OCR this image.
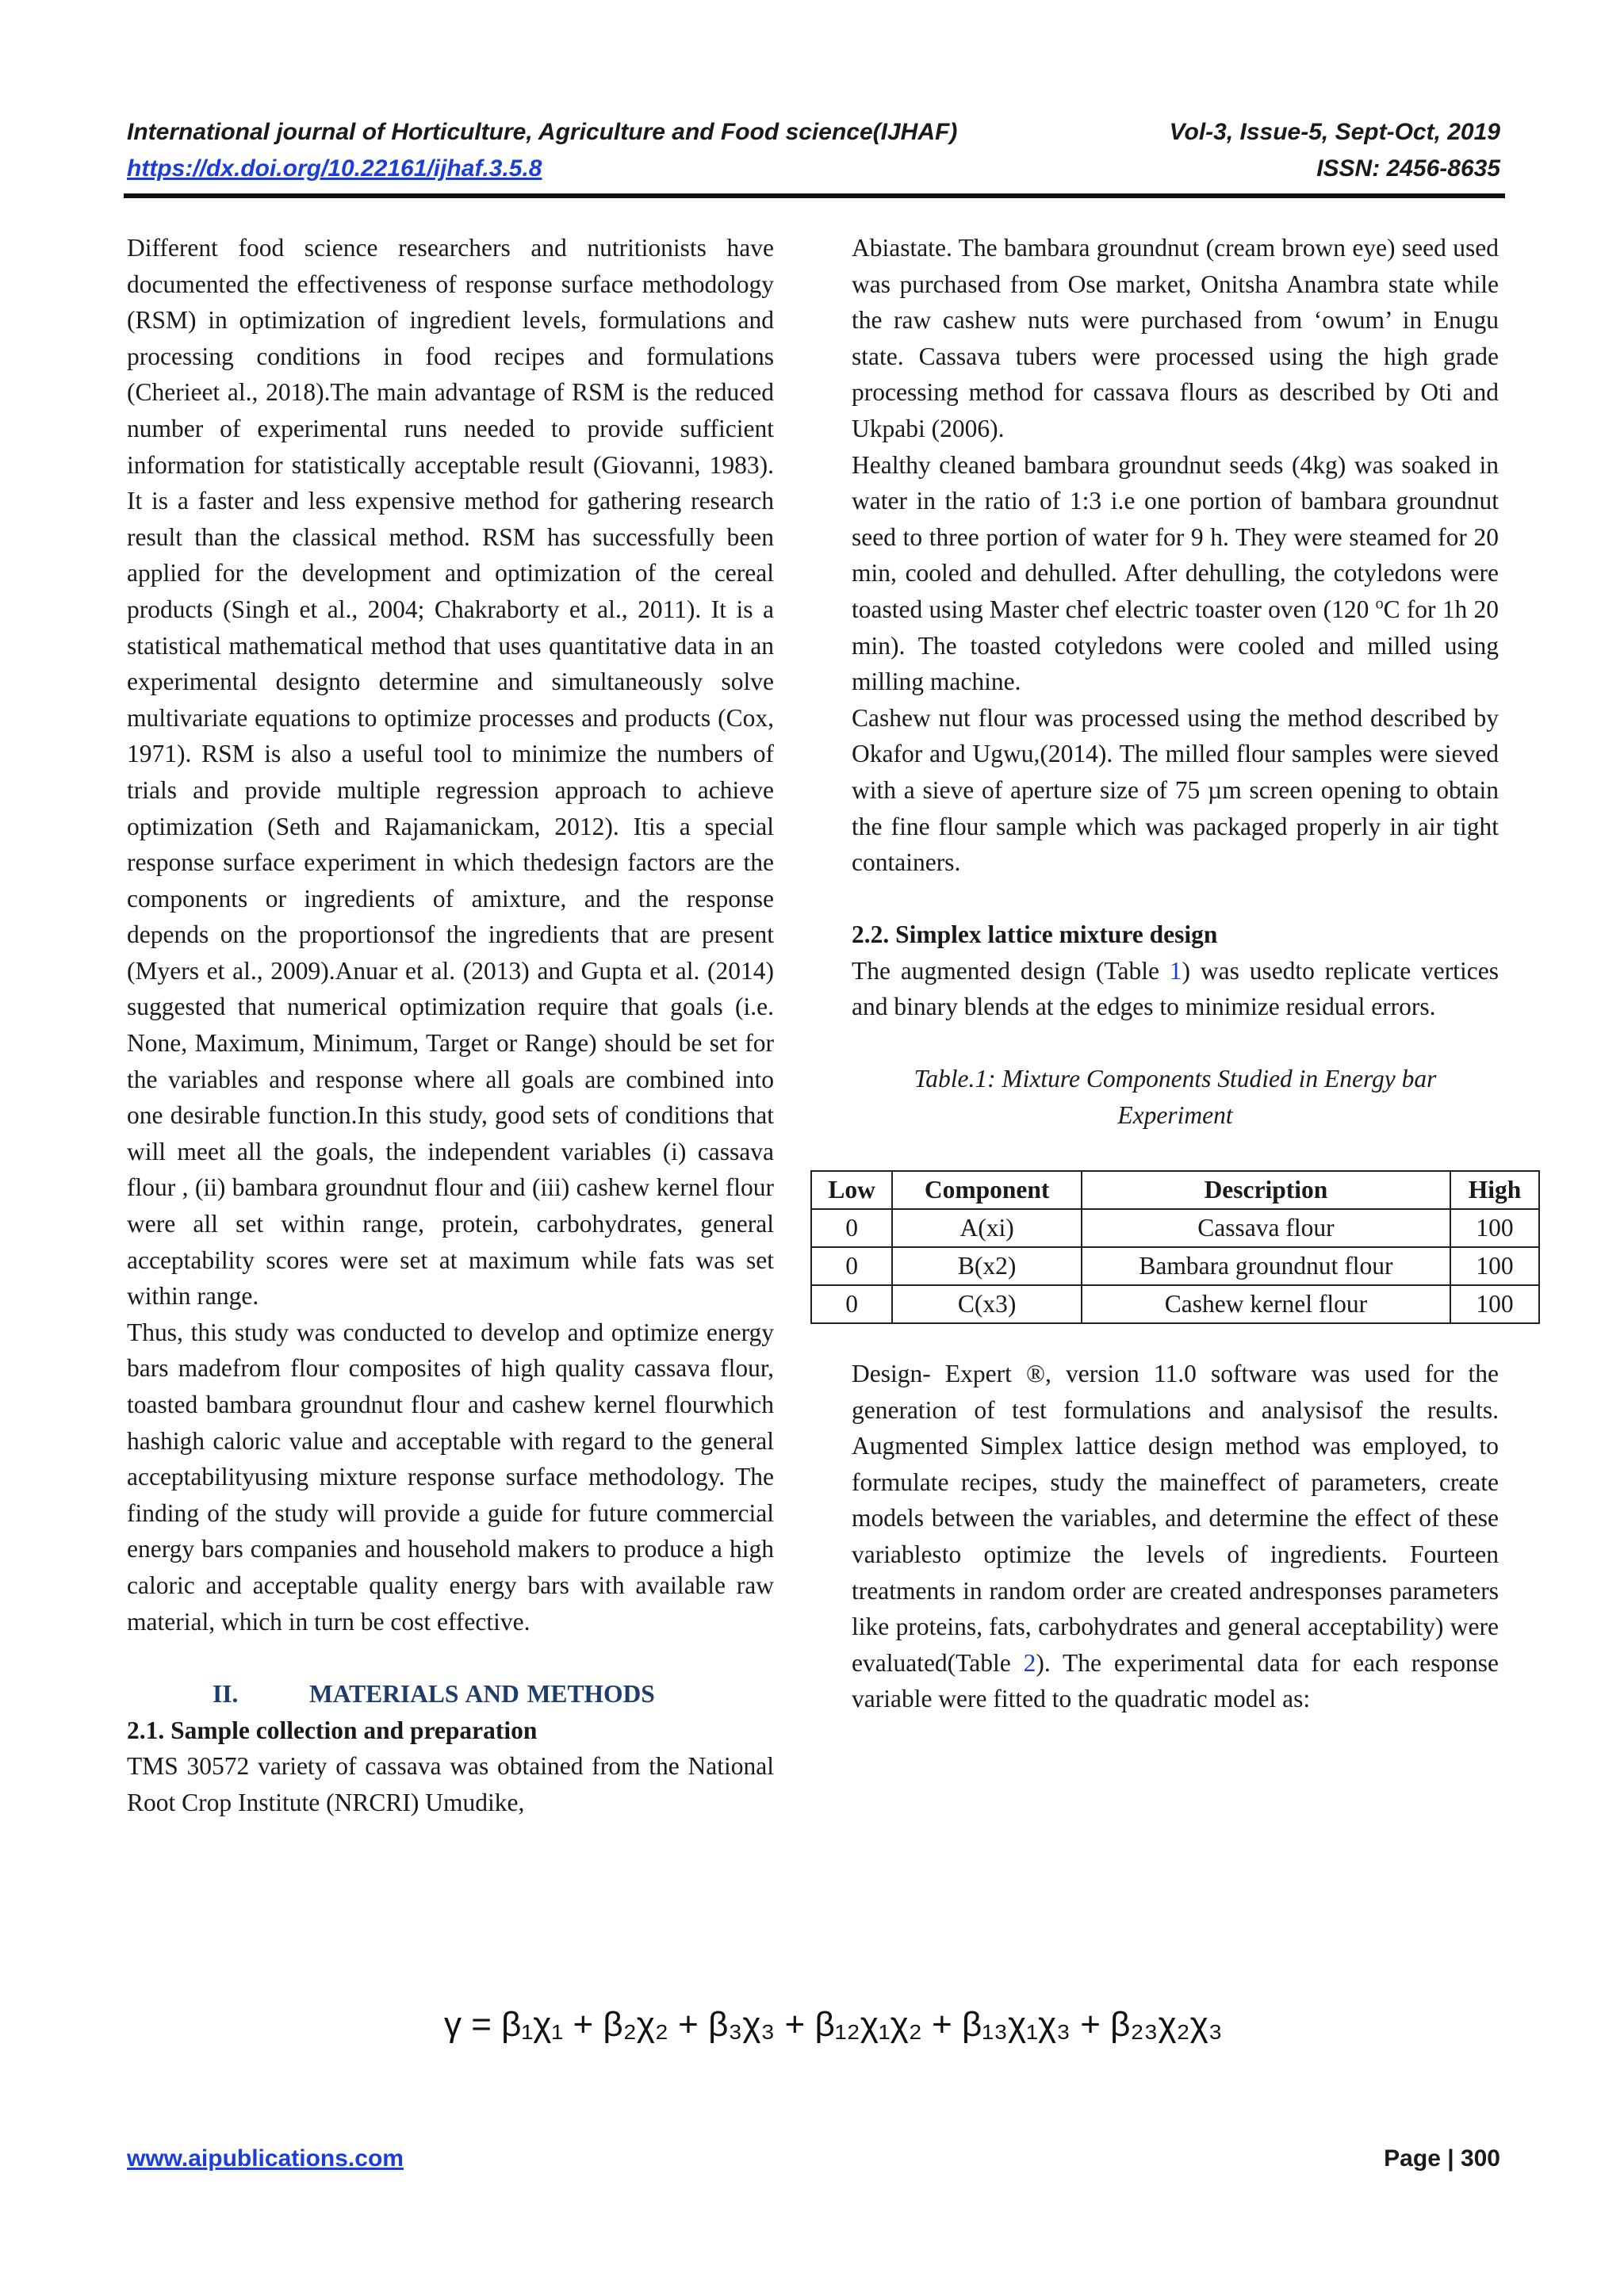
International journal of Horticulture, Agriculture and Food science(IJHAF)	Vol-3, Issue-5, Sept-Oct, 2019
https://dx.doi.org/10.22161/ijhaf.3.5.8	ISSN: 2456-8635

Different food science researchers and nutritionists have documented the effectiveness of response surface methodology (RSM) in optimization of ingredient levels, formulations and processing conditions in food recipes and formulations (Cherieet al., 2018).The main advantage of RSM is the reduced number of experimental runs needed to provide sufficient information for statistically acceptable result (Giovanni, 1983). It is a faster and less expensive method for gathering research result than the classical method. RSM has successfully been applied for the development and optimization of the cereal products (Singh et al., 2004; Chakraborty et al., 2011). It is a statistical mathematical method that uses quantitative data in an experimental designto determine and simultaneously solve multivariate equations to optimize processes and products (Cox, 1971). RSM is also a useful tool to minimize the numbers of trials and provide multiple regression approach to achieve optimization (Seth and Rajamanickam, 2012). Itis a special response surface experiment in which thedesign factors are the components or ingredients of amixture, and the response depends on the proportionsof the ingredients that are present (Myers et al., 2009).Anuar et al. (2013) and Gupta et al. (2014) suggested that numerical optimization require that goals (i.e. None, Maximum, Minimum, Target or Range) should be set for the variables and response where all goals are combined into one desirable function.In this study, good sets of conditions that will meet all the goals, the independent variables (i) cassava flour , (ii) bambara groundnut flour and (iii) cashew kernel flour were all set within range, protein, carbohydrates, general acceptability scores were set at maximum while fats was set within range.

Thus, this study was conducted to develop and optimize energy bars madefrom flour composites of high quality cassava flour, toasted bambara groundnut flour and cashew kernel flourwhich hashigh caloric value and acceptable with regard to the general acceptabilityusing mixture response surface methodology. The finding of the study will provide a guide for future commercial energy bars companies and household makers to produce a high caloric and acceptable quality energy bars with available raw material, which in turn be cost effective.

II.	MATERIALS AND METHODS
2.1. Sample collection and preparation

TMS 30572 variety of cassava was obtained from the National Root Crop Institute (NRCRI) Umudike,

Abiastate. The bambara groundnut (cream brown eye) seed used was purchased from Ose market, Onitsha Anambra state while the raw cashew nuts were purchased from ‘owum’ in Enugu state. Cassava tubers were processed using the high grade processing method for cassava flours as described by Oti and Ukpabi (2006).

Healthy cleaned bambara groundnut seeds (4kg) was soaked in water in the ratio of 1:3 i.e one portion of bambara groundnut seed to three portion of water for 9 h. They were steamed for 20 min, cooled and dehulled. After dehulling, the cotyledons were toasted using Master chef electric toaster oven (120 $^o$C for 1h 20 min). The toasted cotyledons were cooled and milled using milling machine.

Cashew nut flour was processed using the method described by Okafor and Ugwu,(2014). The milled flour samples were sieved with a sieve of aperture size of 75 µm screen opening to obtain the fine flour sample which was packaged properly in air tight containers.

2.2. Simplex lattice mixture design

The augmented design (Table 1) was usedto replicate vertices and binary blends at the edges to minimize residual errors.

Table.1: Mixture Components Studied in Energy bar Experiment
Low	Component	Description	High
0	A(xi)	Cassava flour	100
0	B(x2)	Bambara groundnut flour	100
0	C(x3)	Cashew kernel flour	100

Design- Expert ®, version 11.0 software was used for the generation of test formulations and analysisof the results. Augmented Simplex lattice design method was employed, to formulate recipes, study the maineffect of parameters, create models between the variables, and determine the effect of these variablesto optimize the levels of ingredients. Fourteen treatments in random order are created andresponses parameters like proteins, fats, carbohydrates and general acceptability) were evaluated(Table 2). The experimental data for each response variable were fitted to the quadratic model as:

γ = β₁χ₁ + β₂χ₂ + β₃χ₃ + β₁₂χ₁χ₂ + β₁₃χ₁χ₃ + β₂₃χ₂χ₃
www.aipublications.com	Page | 300
